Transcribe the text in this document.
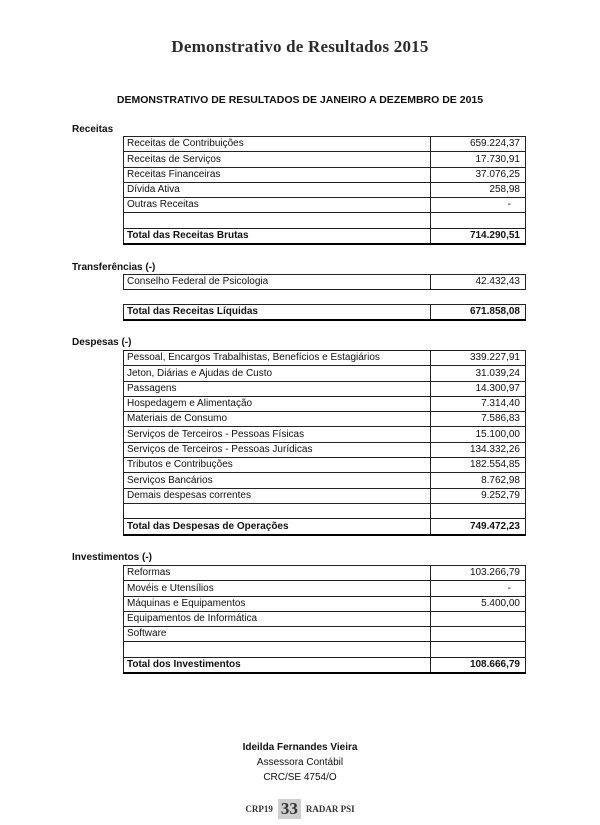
Demonstrativo de Resultados 2015
DEMONSTRATIVO DE RESULTADOS DE JANEIRO A DEZEMBRO DE 2015
Receitas
Receitas de Contribuições	659.224,37
Receitas de Serviços	17.730,91
Receitas Financeiras	37.076,25
Dívida Ativa	258,98
Outras Receitas	-

Total das Receitas Brutas	714.290,51
Transferências (-)
Conselho Federal de Psicologia	42.432,43
Total das Receitas Líquidas	671.858,08
Despesas (-)
Pessoal, Encargos Trabalhistas, Benefícios e Estagiários	339.227,91
Jeton, Diárias e Ajudas de Custo	31.039,24
Passagens	14.300,97
Hospedagem e Alimentação	7.314,40
Materiais de Consumo	7.586,83
Serviços de Terceiros - Pessoas Físicas	15.100,00
Serviços de Terceiros - Pessoas Jurídicas	134.332,26
Tributos e Contribuções	182.554,85
Serviços Bancários	8.762,98
Demais despesas correntes	9.252,79

Total das Despesas de Operações	749.472,23
Investimentos (-)
Reformas	103.266,79
Movéis e Utensílios	-
Máquinas e Equipamentos	5.400,00
Equipamentos de Informática	
Software	

Total dos Investimentos	108.666,79
Ideilda Fernandes Vieira
Assessora Contábil
CRC/SE 4754/O
CRP19 33 RADAR PSI
